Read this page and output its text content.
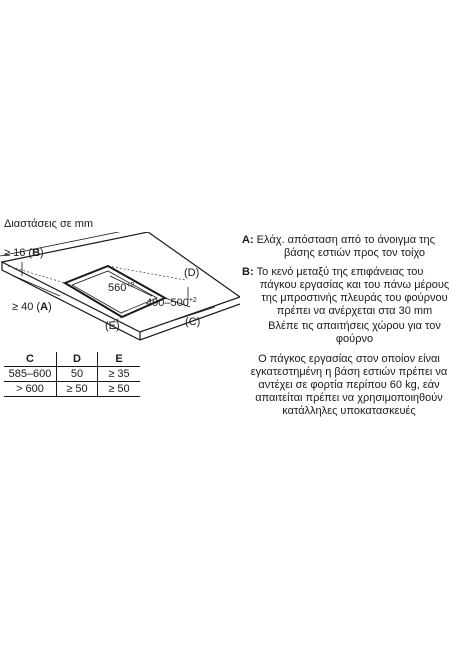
Διαστάσεις σε mm
≥ 16 (B)
≥ 40 (A)
(E)
(D)
(C)
$560^{+2}$
$490-500^{+2}$
C	D	E
585–600	50	≥ 35
> 600	≥ 50	≥ 50
A: Ελάχ. απόσταση από το άνοιγμα της
βάσης εστιών προς τον τοίχο
B: Το κενό μεταξύ της επιφάνειας του
πάγκου εργασίας και του πάνω μέρους
της μπροστινής πλευράς του φούρνου
πρέπει να ανέρχεται στα 30 mm
Βλέπε τις απαιτήσεις χώρου για τον
φούρνο
Ο πάγκος εργασίας στον οποίον είναι
εγκατεστημένη η βάση εστιών πρέπει να
αντέχει σε φορτία περίπου 60 kg, εάν
απαιτείται πρέπει να χρησιμοποιηθούν
κατάλληλες υποκατασκευές
